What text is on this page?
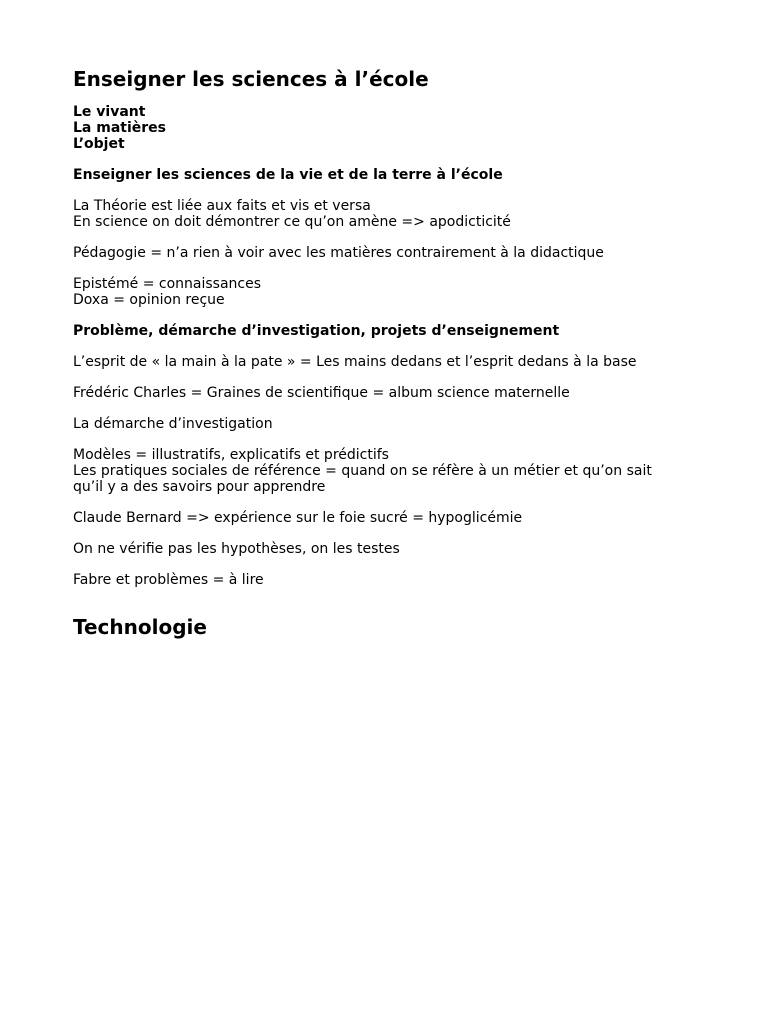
Enseigner les sciences à l’école

Le vivant

La matières

L’objet

Enseigner les sciences de la vie et de la terre à l’école

La Théorie est liée aux faits et vis et versa

En science on doit démontrer ce qu’on amène => apodicticité

Pédagogie = n’a rien à voir avec les matières contrairement à la didactique

Epistémé = connaissances

Doxa = opinion reçue

Problème, démarche d’investigation, projets d’enseignement

L’esprit de « la main à la pate » = Les mains dedans et l’esprit dedans à la base

Frédéric Charles = Graines de scientifique = album science maternelle

La démarche d’investigation

Modèles = illustratifs, explicatifs et prédictifs

Les pratiques sociales de référence = quand on se réfère à un métier et qu’on sait

qu’il y a des savoirs pour apprendre

Claude Bernard => expérience sur le foie sucré = hypoglicémie

On ne vérifie pas les hypothèses, on les testes

Fabre et problèmes = à lire

Technologie
